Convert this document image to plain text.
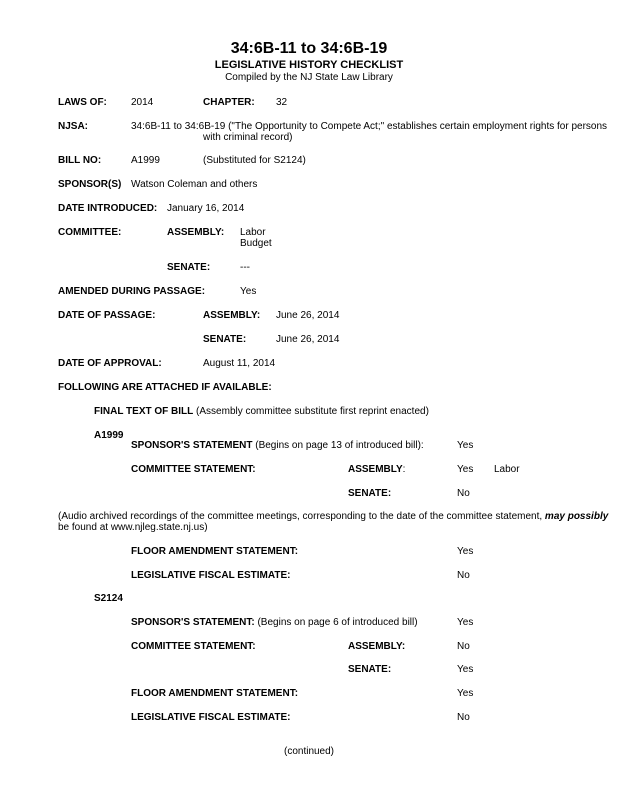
34:6B-11 to 34:6B-19
LEGISLATIVE HISTORY CHECKLIST
Compiled by the NJ State Law Library
LAWS OF: 2014	CHAPTER: 32
NJSA:	34:6B-11 to 34:6B-19 ("The Opportunity to Compete Act;" establishes certain employment rights for persons
with criminal record)
BILL NO:	A1999	(Substituted for S2124)
SPONSOR(S) Watson Coleman and others
DATE INTRODUCED: January 16, 2014
COMMITTEE:	ASSEMBLY: Labor
Budget
SENATE:	---
AMENDED DURING PASSAGE:	Yes
DATE OF PASSAGE:	ASSEMBLY: June 26, 2014
SENATE:	June 26, 2014
DATE OF APPROVAL:	August 11, 2014
FOLLOWING ARE ATTACHED IF AVAILABLE:
FINAL TEXT OF BILL (Assembly committee substitute first reprint enacted)
A1999
SPONSOR'S STATEMENT (Begins on page 13 of introduced bill):	Yes
COMMITTEE STATEMENT:	ASSEMBLY:	Yes Labor
SENATE:	No
(Audio archived recordings of the committee meetings, corresponding to the date of the committee statement, may possibly
be found at www.njleg.state.nj.us)
FLOOR AMENDMENT STATEMENT:	Yes
LEGISLATIVE FISCAL ESTIMATE:	No
S2124
SPONSOR'S STATEMENT: (Begins on page 6 of introduced bill)	Yes
COMMITTEE STATEMENT:	ASSEMBLY:	No
SENATE:	Yes
FLOOR AMENDMENT STATEMENT:	Yes
LEGISLATIVE FISCAL ESTIMATE:	No
(continued)
